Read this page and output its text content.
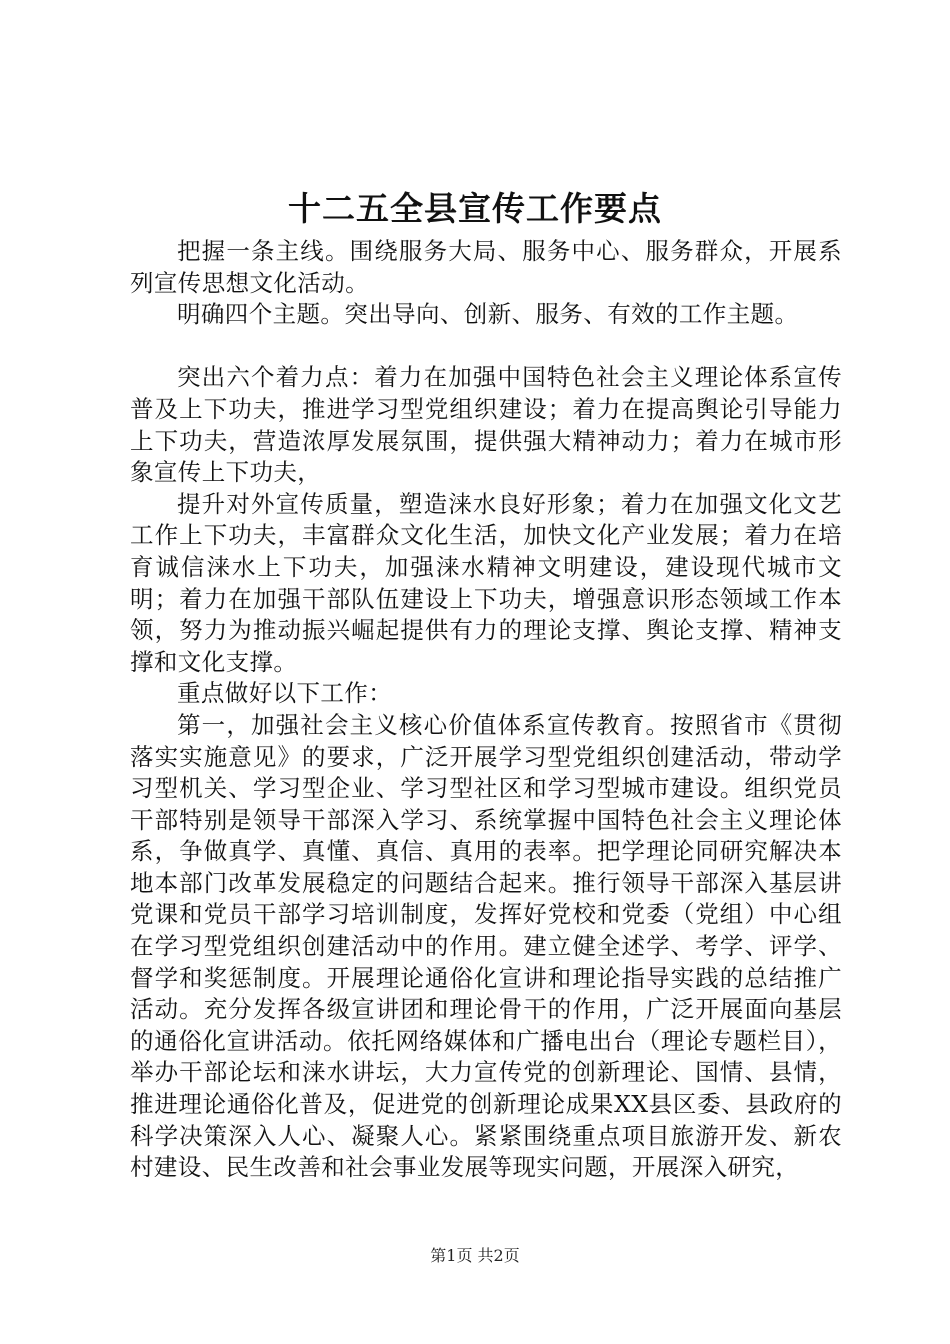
十二五全县宣传工作要点

把握一条主线。围绕服务大局、服务中心、服务群众，开展系列宣传思想文化活动。

明确四个主题。突出导向、创新、服务、有效的工作主题。

突出六个着力点：着力在加强中国特色社会主义理论体系宣传普及上下功夫，推进学习型党组织建设；着力在提高舆论引导能力上下功夫，营造浓厚发展氛围，提供强大精神动力；着力在城市形象宣传上下功夫，

提升对外宣传质量，塑造涞水良好形象；着力在加强文化文艺工作上下功夫，丰富群众文化生活，加快文化产业发展；着力在培育诚信涞水上下功夫，加强涞水精神文明建设，建设现代城市文明；着力在加强干部队伍建设上下功夫，增强意识形态领域工作本领，努力为推动振兴崛起提供有力的理论支撑、舆论支撑、精神支撑和文化支撑。

重点做好以下工作：

第一，加强社会主义核心价值体系宣传教育。按照省市《贯彻落实实施意见》的要求，广泛开展学习型党组织创建活动，带动学习型机关、学习型企业、学习型社区和学习型城市建设。组织党员干部特别是领导干部深入学习、系统掌握中国特色社会主义理论体系，争做真学、真懂、真信、真用的表率。把学理论同研究解决本地本部门改革发展稳定的问题结合起来。推行领导干部深入基层讲党课和党员干部学习培训制度，发挥好党校和党委（党组）中心组在学习型党组织创建活动中的作用。建立健全述学、考学、评学、督学和奖惩制度。开展理论通俗化宣讲和理论指导实践的总结推广活动。充分发挥各级宣讲团和理论骨干的作用，广泛开展面向基层的通俗化宣讲活动。依托网络媒体和广播电出台（理论专题栏目），举办干部论坛和涞水讲坛，大力宣传党的创新理论、国情、县情，推进理论通俗化普及，促进党的创新理论成果XX县区委、县政府的科学决策深入人心、凝聚人心。紧紧围绕重点项目旅游开发、新农村建设、民生改善和社会事业发展等现实问题，开展深入研究，

第1页 共2页
